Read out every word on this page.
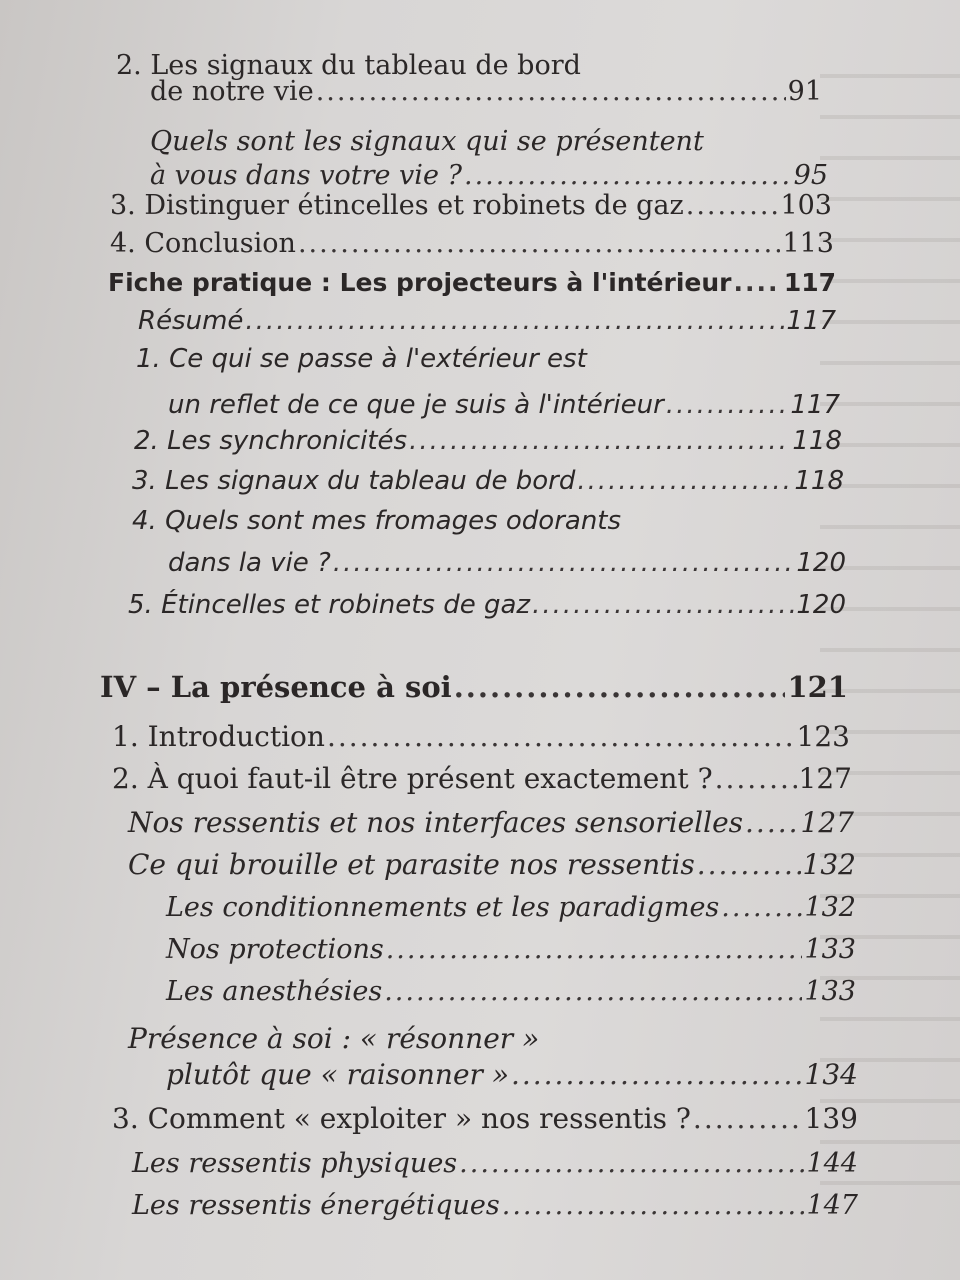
2. Les signaux du tableau de bord
de notre vie .....	91
Quels sont les signaux qui se présentent
à vous dans votre vie ? .....	95
3. Distinguer étincelles et robinets de gaz .....	103
4. Conclusion .....	113
Fiche pratique : Les projecteurs à l'intérieur ..... 117
Résumé .....	117
1. Ce qui se passe à l'extérieur est
un reflet de ce que je suis à l'intérieur .....	117
2. Les synchronicités .....	118
3. Les signaux du tableau de bord .....	118
4. Quels sont mes fromages odorants
dans la vie ? .....	120
5. Étincelles et robinets de gaz .....	120
IV – La présence à soi .....	121
1. Introduction .....	123
2. À quoi faut-il être présent exactement ? .....	127
Nos ressentis et nos interfaces sensorielles ..... 127
Ce qui brouille et parasite nos ressentis .....	132
Les conditionnements et les paradigmes .....	132
Nos protections .....	133
Les anesthésies .....	133
Présence à soi : « résonner »
plutôt que « raisonner » .....	134
3. Comment « exploiter » nos ressentis ? .....	139
Les ressentis physiques .....	144
Les ressentis énergétiques .....	147
